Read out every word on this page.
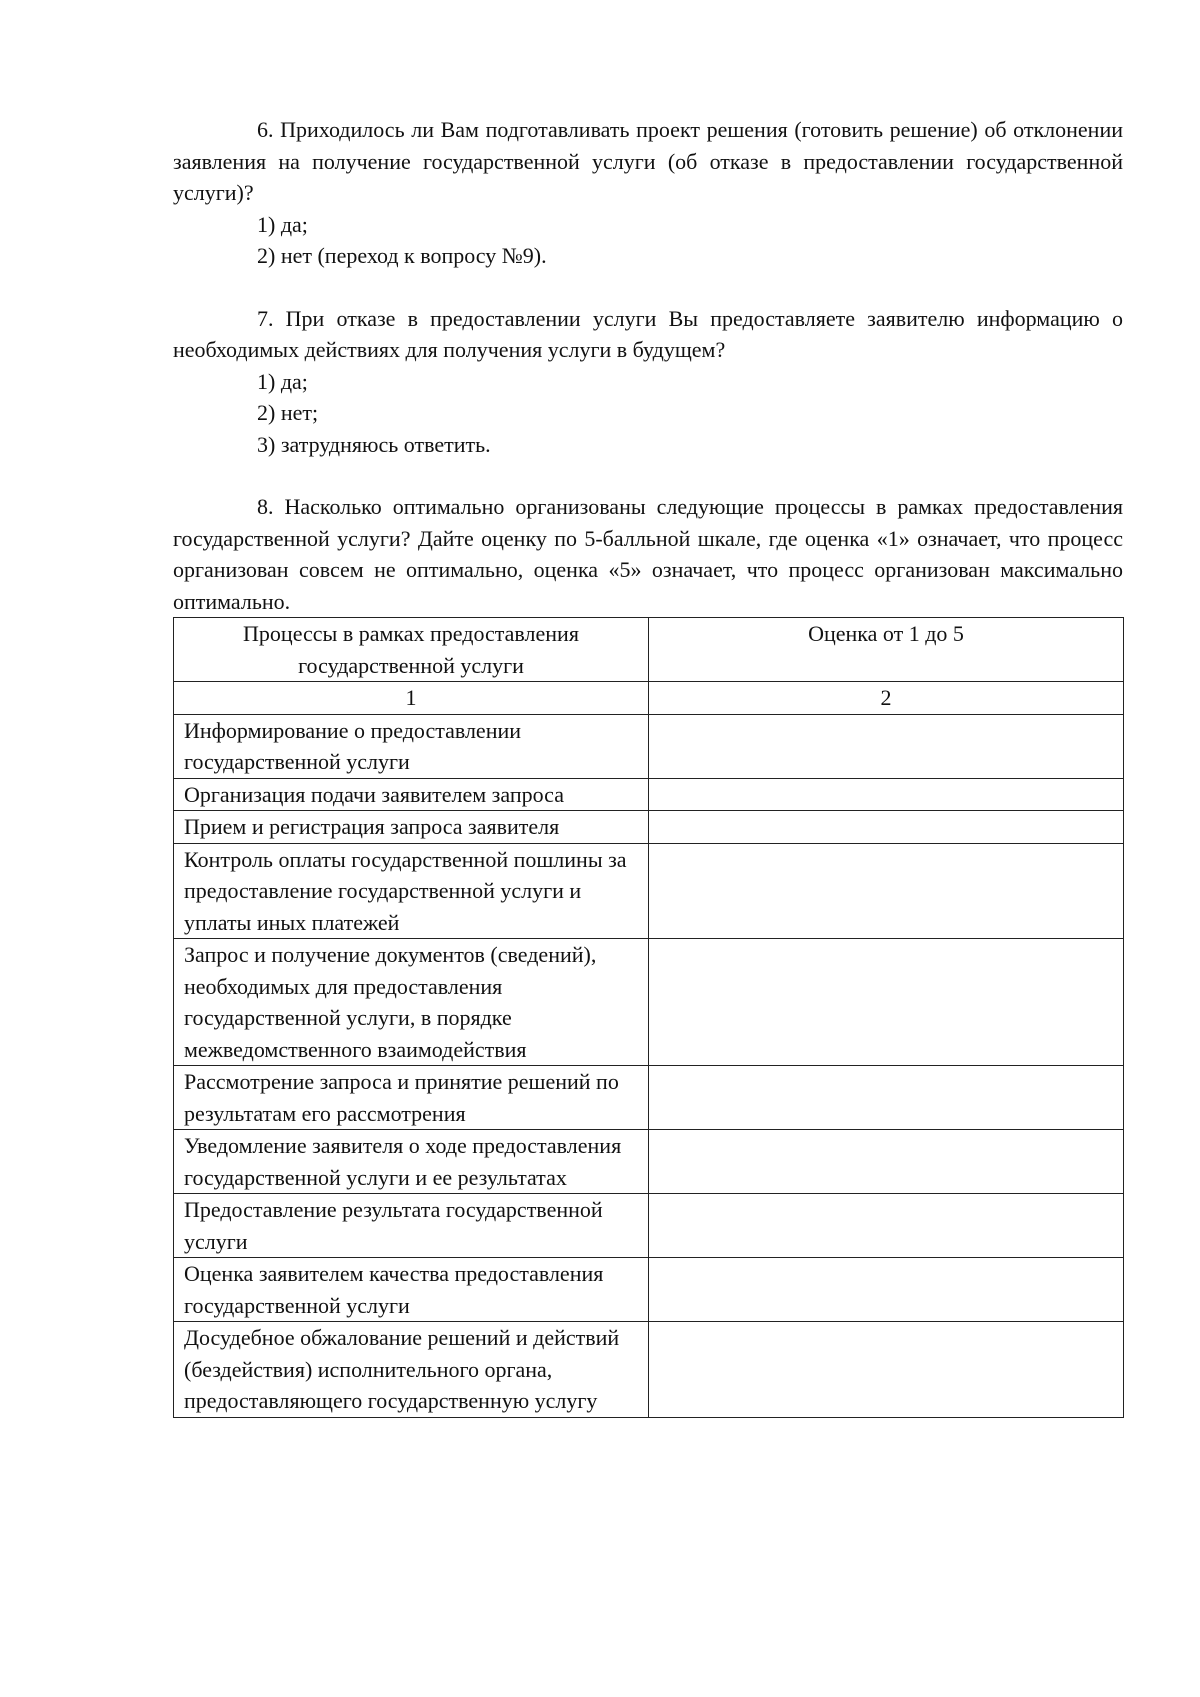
6. Приходилось ли Вам подготавливать проект решения (готовить решение) об отклонении заявления на получение государственной услуги (об отказе в предоставлении государственной услуги)?

1) да;

2) нет (переход к вопросу №9).

7. При отказе в предоставлении услуги Вы предоставляете заявителю информацию о необходимых действиях для получения услуги в будущем?

1) да;

2) нет;

3) затрудняюсь ответить.

8. Насколько оптимально организованы следующие процессы в рамках предоставления государственной услуги? Дайте оценку по 5-балльной шкале, где оценка «1» означает, что процесс организован совсем не оптимально, оценка «5» означает, что процесс организован максимально оптимально.

Процессы в рамках предоставления государственной услуги	Оценка от 1 до 5
1	2
Информирование о предоставлении государственной услуги	
Организация подачи заявителем запроса	
Прием и регистрация запроса заявителя	
Контроль оплаты государственной пошлины за предоставление государственной услуги и уплаты иных платежей	
Запрос и получение документов (сведений), необходимых для предоставления государственной услуги, в порядке межведомственного взаимодействия	
Рассмотрение запроса и принятие решений по результатам его рассмотрения	
Уведомление заявителя о ходе предоставления государственной услуги и ее результатах	
Предоставление результата государственной услуги	
Оценка заявителем качества предоставления государственной услуги	
Досудебное обжалование решений и действий (бездействия) исполнительного органа, предоставляющего государственную услугу	
